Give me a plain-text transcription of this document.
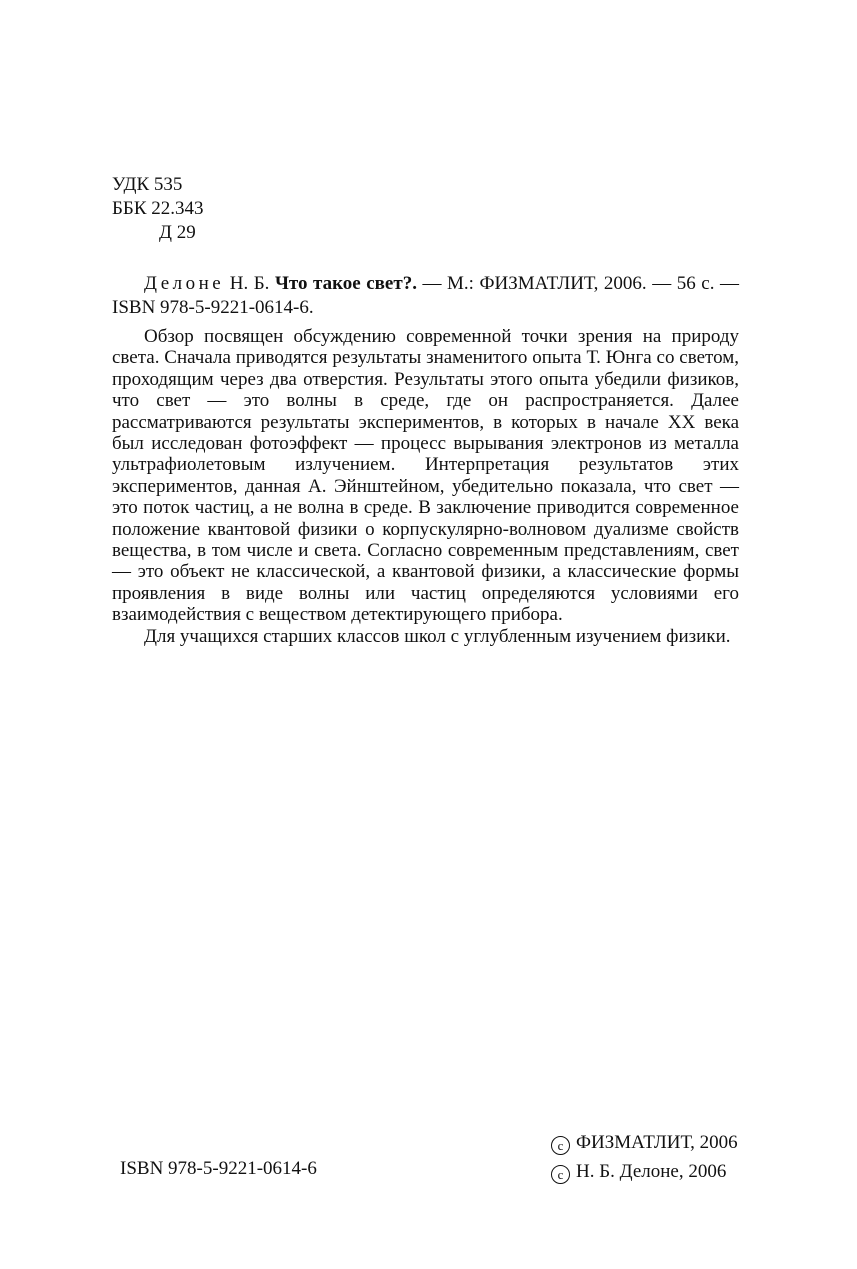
УДК 535
ББК 22.343
Д 29
Делоне Н. Б. Что такое свет?. — М.: ФИЗМАТЛИТ, 2006. — 56 с. — ISBN 978-5-9221-0614-6.

Обзор посвящен обсуждению современной точки зрения на природу света. Сначала приводятся результаты знаменитого опыта Т. Юнга со светом, проходящим через два отверстия. Результаты этого опыта убедили физиков, что свет — это волны в среде, где он распространяется. Далее рассматриваются результаты экспериментов, в которых в начале XX века был исследован фотоэффект — процесс вырывания электронов из металла ультрафиолетовым излучением. Интерпретация результатов этих экспериментов, данная А. Эйнштейном, убедительно показала, что свет — это поток частиц, а не волна в среде. В заключение приводится современное положение квантовой физики о корпускулярно-волновом дуализме свойств вещества, в том числе и света. Согласно современным представлениям, свет — это объект не классической, а квантовой физики, а классические формы проявления в виде волны или частиц определяются условиями его взаимодействия с веществом детектирующего прибора.

Для учащихся старших классов школ с углубленным изучением физики.

ISBN 978-5-9221-0614-6
c ФИЗМАТЛИТ, 2006
c Н. Б. Делоне, 2006
